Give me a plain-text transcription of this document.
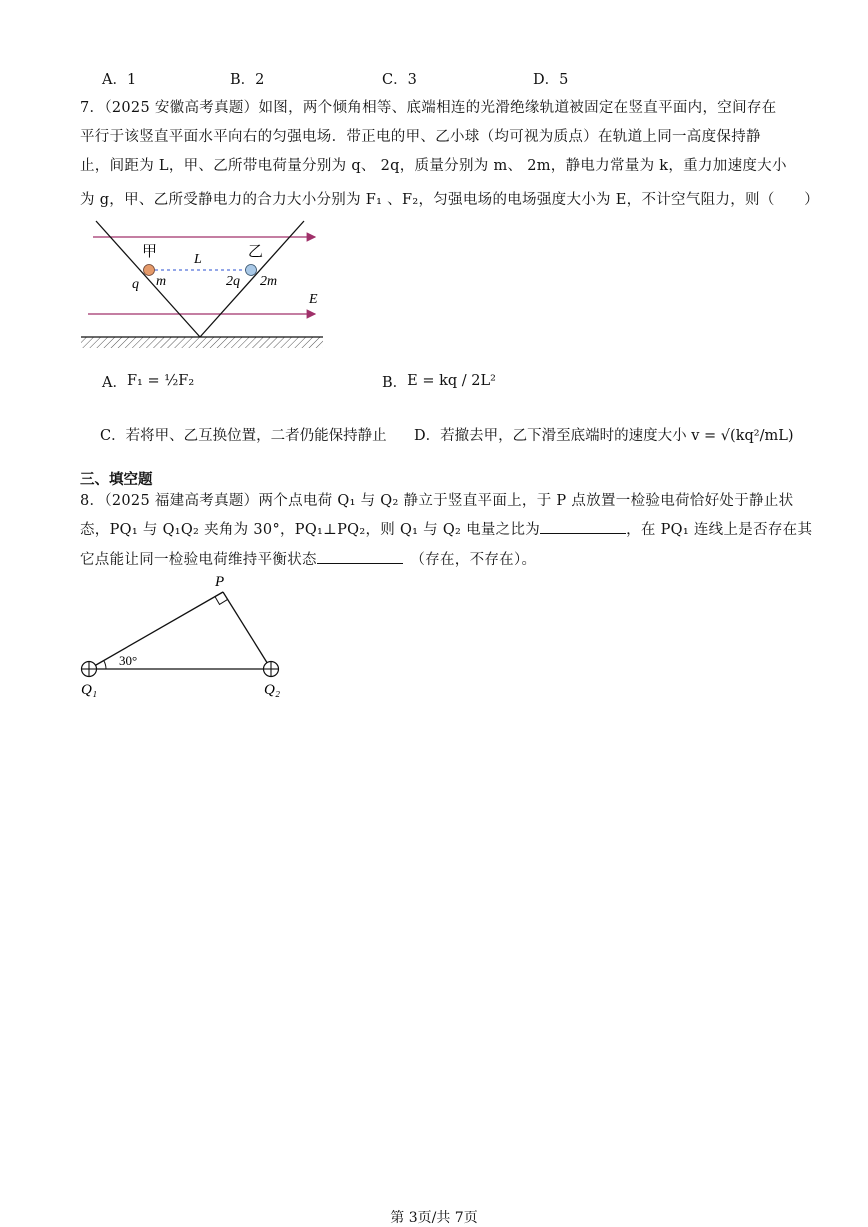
A．1	B．2	C．3	D．5
7．（2025 安徽高考真题）如图，两个倾角相等、底端相连的光滑绝缘轨道被固定在竖直平面内，空间存在
平行于该竖直平面水平向右的匀强电场．带正电的甲、乙小球（均可视为质点）在轨道上同一高度保持静
止，间距为 L，甲、乙所带电荷量分别为 q、 2q，质量分别为 m、 2m，静电力常量为 k，重力加速度大小
为 g，甲、乙所受静电力的合力大小分别为 F₁ 、F₂，匀强电场的电场强度大小为 E，不计空气阻力，则（　　）
甲	乙
L
q m	2q 2m
E
A． F₁ = ½F₂	B． E = kq / 2L²
C．若将甲、乙互换位置，二者仍能保持静止 D．若撤去甲，乙下滑至底端时的速度大小 v = √(kq²/mL)
三、填空题
8．（2025 福建高考真题）两个点电荷 Q₁ 与 Q₂ 静立于竖直平面上，于 P 点放置一检验电荷恰好处于静止状
态，PQ₁ 与 Q₁Q₂ 夹角为 30°，PQ₁⊥PQ₂，则 Q₁ 与 Q₂ 电量之比为	，在 PQ₁ 连线上是否存在其
它点能让同一检验电荷维持平衡状态　	（存在，不存在）。
P
30°
Q₁	Q₂
第 3页/共 7页
